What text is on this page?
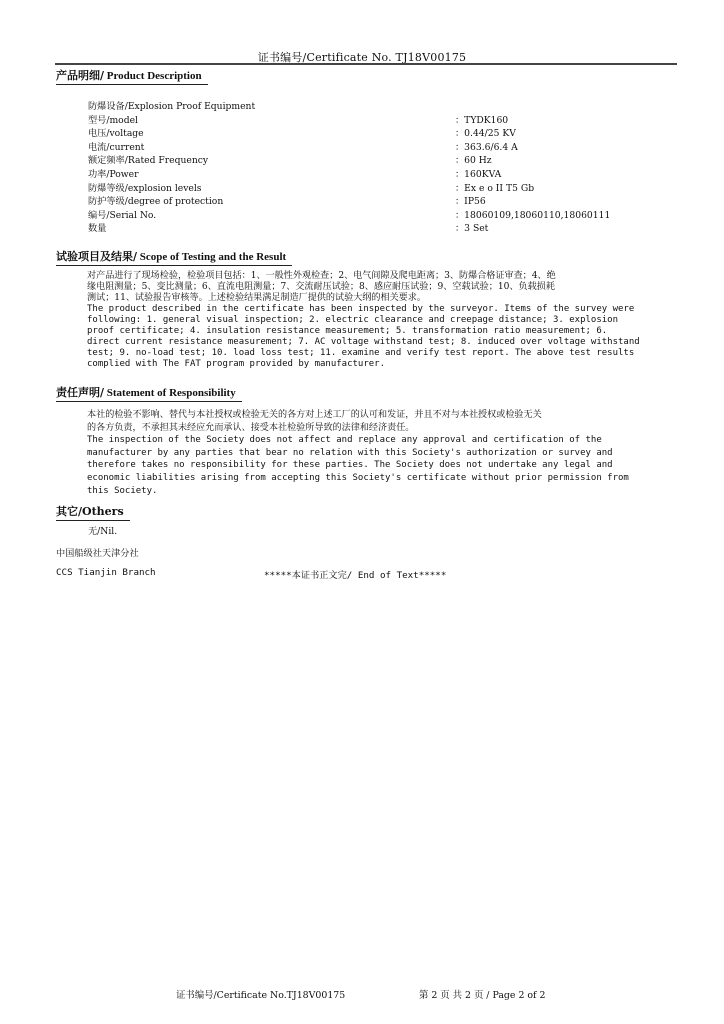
证书编号/Certificate No. TJ18V00175
产品明细/ Product Description
防爆设备/Explosion Proof Equipment
型号/model	：TYDK160
电压/voltage	：0.44/25 KV
电流/current	：363.6/6.4 A
额定频率/Rated Frequency	：60 Hz
功率/Power	：160KVA
防爆等级/explosion levels	：Ex e o II T5 Gb
防护等级/degree of protection	：IP56
编号/Serial No.	：18060109,18060110,18060111
数量	：3 Set
试验项目及结果/ Scope of Testing and the Result
对产品进行了现场检验，检验项目包括：1、一般性外观检查；2、电气间隙及爬电距离；3、防爆合格证审查；4、绝
缘电阻测量；5、变比测量；6、直流电阻测量；7、交流耐压试验；8、感应耐压试验；9、空载试验；10、负载损耗
测试；11、试验报告审核等。上述检验结果满足制造厂提供的试验大纲的相关要求。
The product described in the certificate has been inspected by the surveyor. Items of the survey were
following: 1. general visual inspection; 2. electric clearance and creepage distance; 3. explosion
proof certificate; 4. insulation resistance measurement; 5. transformation ratio measurement; 6.
direct current resistance measurement; 7. AC voltage withstand test; 8. induced over voltage withstand
test; 9. no-load test; 10. load loss test; 11. examine and verify test report. The above test results
complied with The FAT program provided by manufacturer.
责任声明/ Statement of Responsibility
本社的检验不影响、替代与本社授权或检验无关的各方对上述工厂的认可和发证，并且不对与本社授权或检验无关
的各方负责，不承担其未经应允而承认、接受本社检验所导致的法律和经济责任。
The inspection of the Society does not affect and replace any approval and certification of the
manufacturer by any parties that bear no relation with this Society's authorization or survey and
therefore takes no responsibility for these parties. The Society does not undertake any legal and
economic liabilities arising from accepting this Society's certificate without prior permission from
this Society.
其它/Others
无/Nil.
中国船级社天津分社
CCS Tianjin Branch	*****本证书正文完/ End of Text*****
证书编号/Certificate No.TJ18V00175	第 2 页 共 2 页 / Page 2 of 2
